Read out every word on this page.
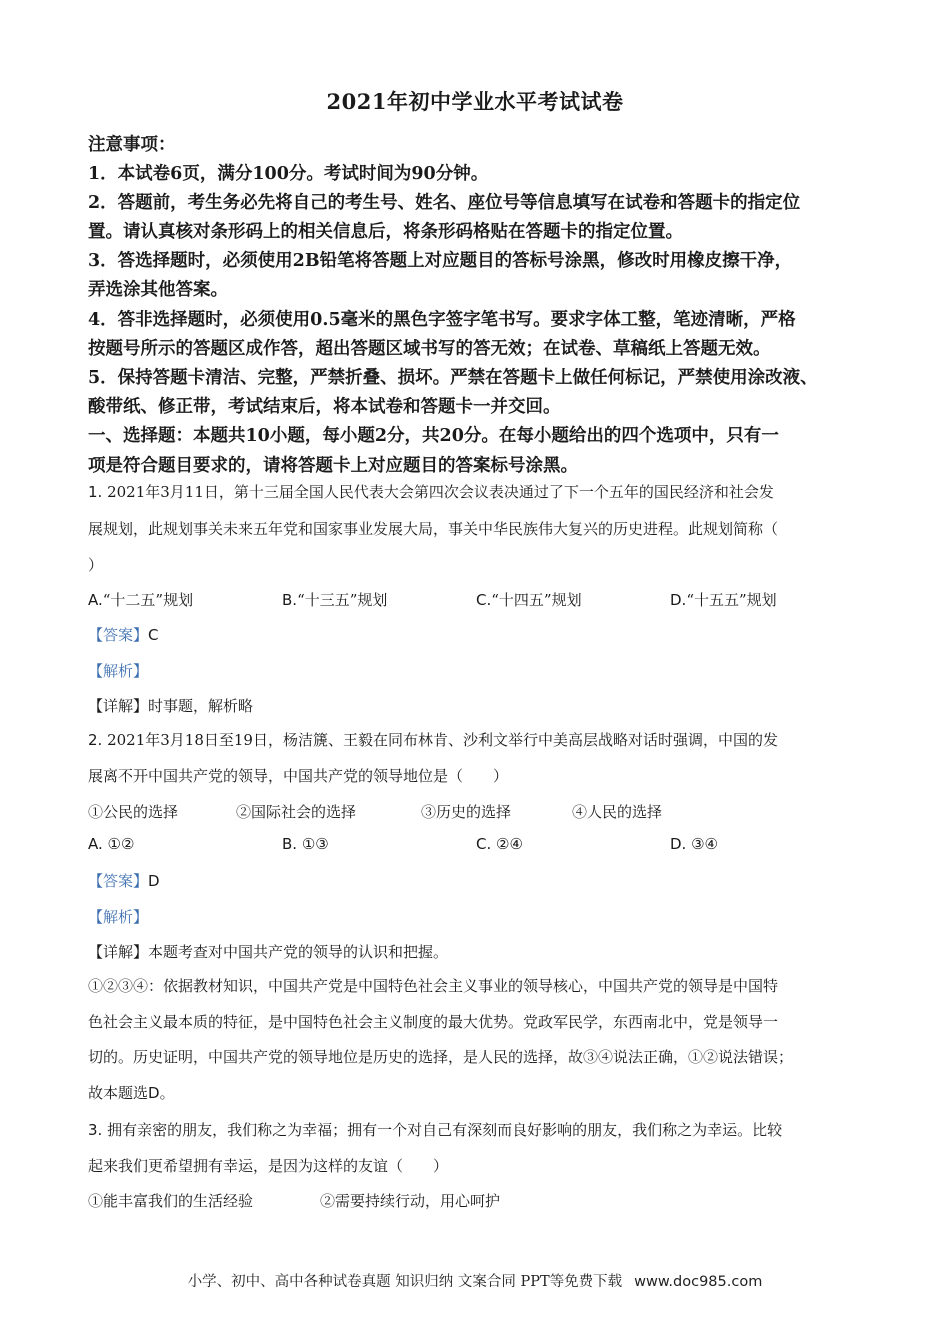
2021年初中学业水平考试试卷
注意事项：
1．本试卷6页，满分100分。考试时间为90分钟。
2．答题前，考生务必先将自己的考生号、姓名、座位号等信息填写在试卷和答题卡的指定位
置。请认真核对条形码上的相关信息后，将条形码格贴在答题卡的指定位置。
3．答选择题时，必须使用2B铅笔将答题上对应题目的答标号涂黑，修改时用橡皮擦干净，
弄选涂其他答案。
4．答非选择题时，必须使用0.5毫米的黑色字签字笔书写。要求字体工整，笔迹清晰，严格
按题号所示的答题区成作答，超出答题区域书写的答无效；在试卷、草稿纸上答题无效。
5．保持答题卡清洁、完整，严禁折叠、损坏。严禁在答题卡上做任何标记，严禁使用涂改液、
酸带纸、修正带，考试结束后，将本试卷和答题卡一并交回。
一、选择题：本题共10小题，每小题2分，共20分。在每小题给出的四个选项中，只有一
项是符合题目要求的，请将答题卡上对应题目的答案标号涂黑。
1. 2021年3月11日，第十三届全国人民代表大会第四次会议表决通过了下一个五年的国民经济和社会发
展规划，此规划事关未来五年党和国家事业发展大局，事关中华民族伟大复兴的历史进程。此规划简称（
）
A.“十二五”规划	B.“十三五”规划	C.“十四五”规划	D.“十五五”规划
【答案】C
【解析】
【详解】时事题，解析略
2. 2021年3月18日至19日，杨洁篪、王毅在同布林肯、沙利文举行中美高层战略对话时强调，中国的发
展离不开中国共产党的领导，中国共产党的领导地位是（　　）
①公民的选择	②国际社会的选择	③历史的选择	④人民的选择
A. ①②	B. ①③	C. ②④	D. ③④
【答案】D
【解析】
【详解】本题考查对中国共产党的领导的认识和把握。
①②③④：依据教材知识，中国共产党是中国特色社会主义事业的领导核心，中国共产党的领导是中国特
色社会主义最本质的特征，是中国特色社会主义制度的最大优势。党政军民学，东西南北中，党是领导一
切的。历史证明，中国共产党的领导地位是历史的选择，是人民的选择，故③④说法正确，①②说法错误；
故本题选D。
3. 拥有亲密的朋友，我们称之为幸福；拥有一个对自己有深刻而良好影响的朋友，我们称之为幸运。比较
起来我们更希望拥有幸运，是因为这样的友谊（　　）
①能丰富我们的生活经验	②需要持续行动，用心呵护
小学、初中、高中各种试卷真题 知识归纳 文案合同 PPT等免费下载 www.doc985.com
